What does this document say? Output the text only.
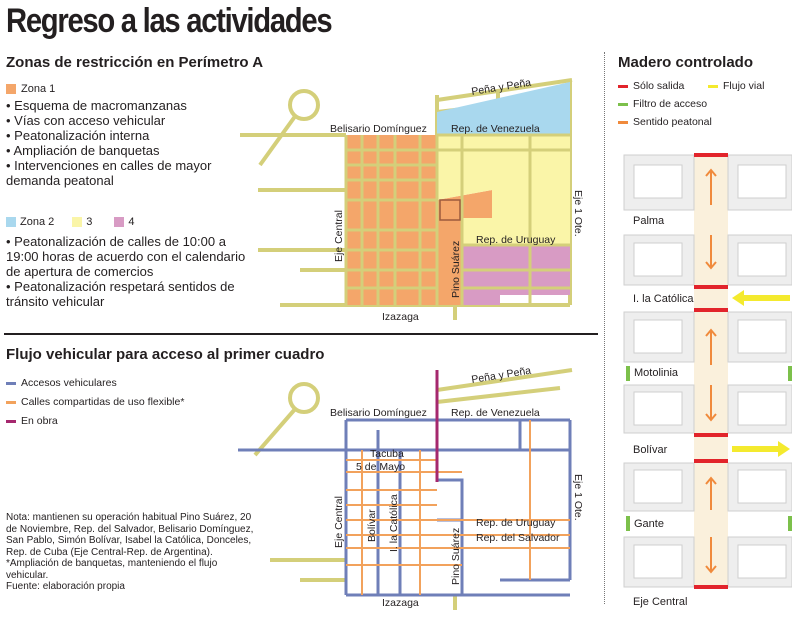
Regreso a las actividades
Zonas de restricción en Perímetro A
Zona 1
• Esquema de macromanzanas
• Vías con acceso vehicular
• Peatonalización interna
• Ampliación de banquetas
• Intervenciones en calles de mayor demanda peatonal
Zona 2	3	4
• Peatonalización de calles de 10:00 a 19:00 horas de acuerdo con el calendario de apertura de comercios
• Peatonalización respetará sentidos de tránsito vehicular
Peña y Peña
Belisario Domínguez Rep. de Venezuela
Eje Central
Pino Suárez
Rep. de Uruguay
Izazaga
Eje 1 Ote.
Flujo vehicular para acceso al primer cuadro
Accesos vehiculares
Calles compartidas de uso flexible*
En obra
Nota: mantienen su operación habitual Pino Suárez, 20 de Noviembre, Rep. del Salvador, Belisario Domínguez, San Pablo, Simón Bolívar, Isabel la Católica, Donceles, Rep. de Cuba (Eje Central-Rep. de Argentina). *Ampliación de banquetas, manteniendo el flujo vehicular.
Fuente: elaboración propia
Peña y Peña
Belisario Domínguez Rep. de Venezuela
Tacuba
5 de Mayo
Eje Central Bolívar I. la Católica
Pino Suárez
Rep. de Uruguay
Rep. del Salvador
Izazaga
Eje 1 Ote.
Madero controlado
Sólo salida	Flujo vial
Filtro de acceso
Sentido peatonal
Palma
I. la Católica
Motolinia
Bolívar
Gante
Eje Central
